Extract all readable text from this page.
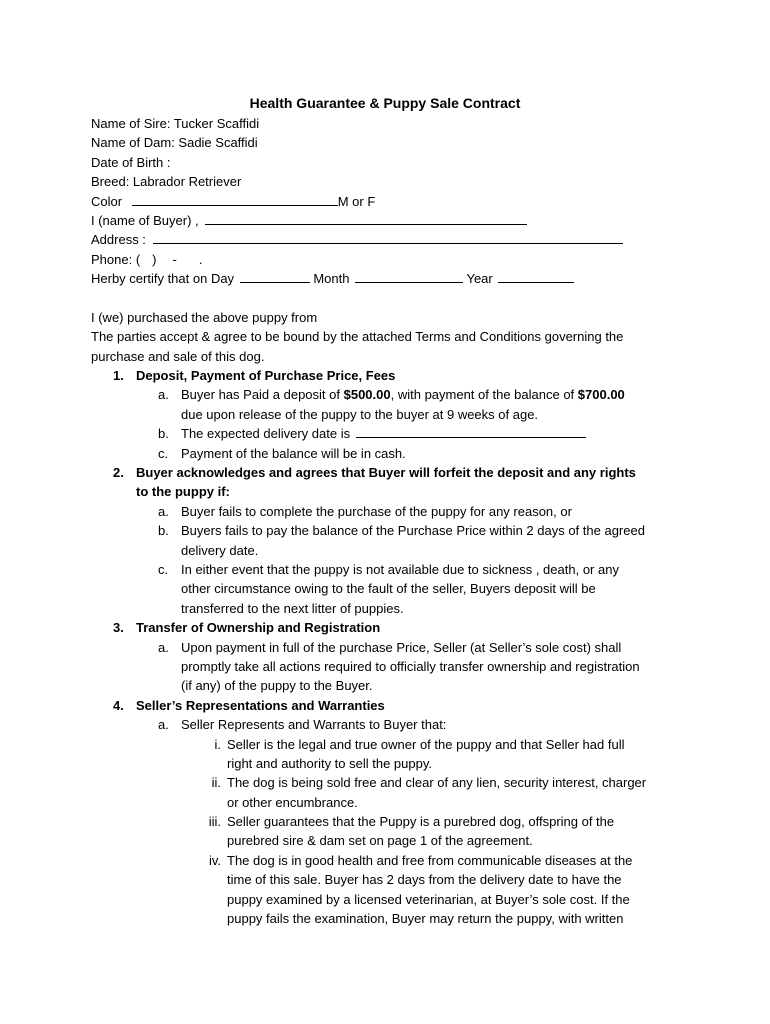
Health Guarantee & Puppy Sale Contract
Name of Sire: Tucker Scaffidi
Name of Dam: Sadie Scaffidi
Date of Birth :
Breed: Labrador Retriever
Color	M or F
I (name of Buyer) ,
Address :
Phone: ( ) - .
Herby certify that on Day	Month	Year
I (we) purchased the above puppy from
The parties accept & agree to be bound by the attached Terms and Conditions governing the
purchase and sale of this dog.
1. Deposit, Payment of Purchase Price, Fees
a. Buyer has Paid a deposit of $500.00, with payment of the balance of $700.00
due upon release of the puppy to the buyer at 9 weeks of age.
b. The expected delivery date is
c. Payment of the balance will be in cash.
2. Buyer acknowledges and agrees that Buyer will forfeit the deposit and any rights
to the puppy if:
a. Buyer fails to complete the purchase of the puppy for any reason, or
b. Buyers fails to pay the balance of the Purchase Price within 2 days of the agreed
delivery date.
c. In either event that the puppy is not available due to sickness , death, or any
other circumstance owing to the fault of the seller, Buyers deposit will be
transferred to the next litter of puppies.
3. Transfer of Ownership and Registration
a. Upon payment in full of the purchase Price, Seller (at Seller’s sole cost) shall
promptly take all actions required to officially transfer ownership and registration
(if any) of the puppy to the Buyer.
4. Seller’s Representations and Warranties
a. Seller Represents and Warrants to Buyer that:
i. Seller is the legal and true owner of the puppy and that Seller had full
right and authority to sell the puppy.
ii. The dog is being sold free and clear of any lien, security interest, charger
or other encumbrance.
iii. Seller guarantees that the Puppy is a purebred dog, offspring of the
purebred sire & dam set on page 1 of the agreement.
iv. The dog is in good health and free from communicable diseases at the
time of this sale. Buyer has 2 days from the delivery date to have the
puppy examined by a licensed veterinarian, at Buyer’s sole cost. If the
puppy fails the examination, Buyer may return the puppy, with written
